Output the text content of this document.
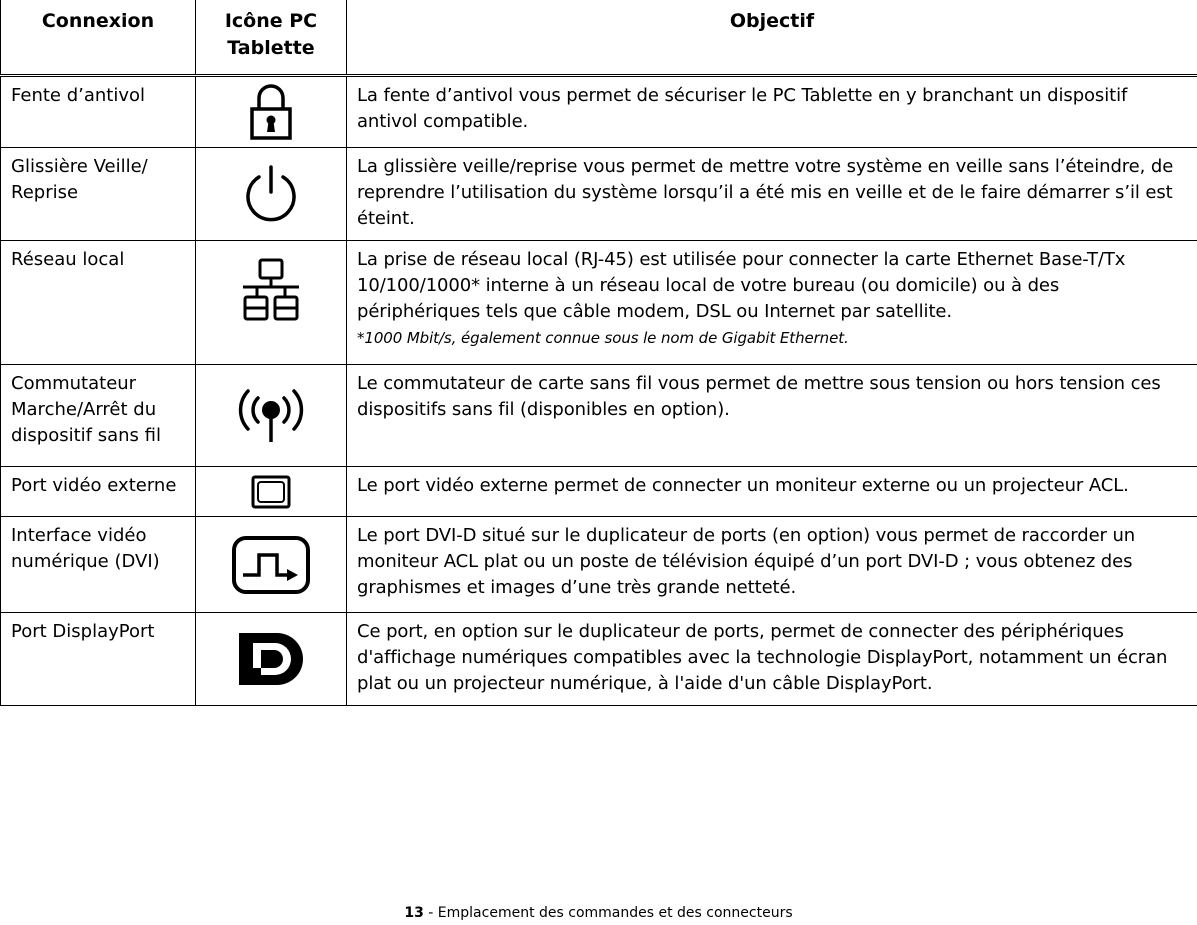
Connexion	Icône PC Tablette	Objectif
Fente d’antivol		La fente d’antivol vous permet de sécuriser le PC Tablette en y branchant un dispositif antivol compatible.
Glissière Veille/ Reprise		La glissière veille/reprise vous permet de mettre votre système en veille sans l’éteindre, de reprendre l’utilisation du système lorsqu’il a été mis en veille et de le faire démarrer s’il est éteint.
Réseau local		La prise de réseau local (RJ-45) est utilisée pour connecter la carte Ethernet Base-T/Tx 10/100/1000* interne à un réseau local de votre bureau (ou domicile) ou à des périphériques tels que câble modem, DSL ou Internet par satellite.
*1000 Mbit/s, également connue sous le nom de Gigabit Ethernet.

Commutateur Marche/Arrêt du dispositif sans fil		Le commutateur de carte sans fil vous permet de mettre sous tension ou hors tension ces dispositifs sans fil (disponibles en option).
Port vidéo externe		Le port vidéo externe permet de connecter un moniteur externe ou un projecteur ACL.
Interface vidéo numérique (DVI)		Le port DVI-D situé sur le duplicateur de ports (en option) vous permet de raccorder un moniteur ACL plat ou un poste de télévision équipé d’un port DVI-D ; vous obtenez des graphismes et images d’une très grande netteté.
Port DisplayPort		Ce port, en option sur le duplicateur de ports, permet de connecter des périphériques d'affichage numériques compatibles avec la technologie DisplayPort, notamment un écran plat ou un projecteur numérique, à l'aide d'un câble DisplayPort.
13 - Emplacement des commandes et des connecteurs
